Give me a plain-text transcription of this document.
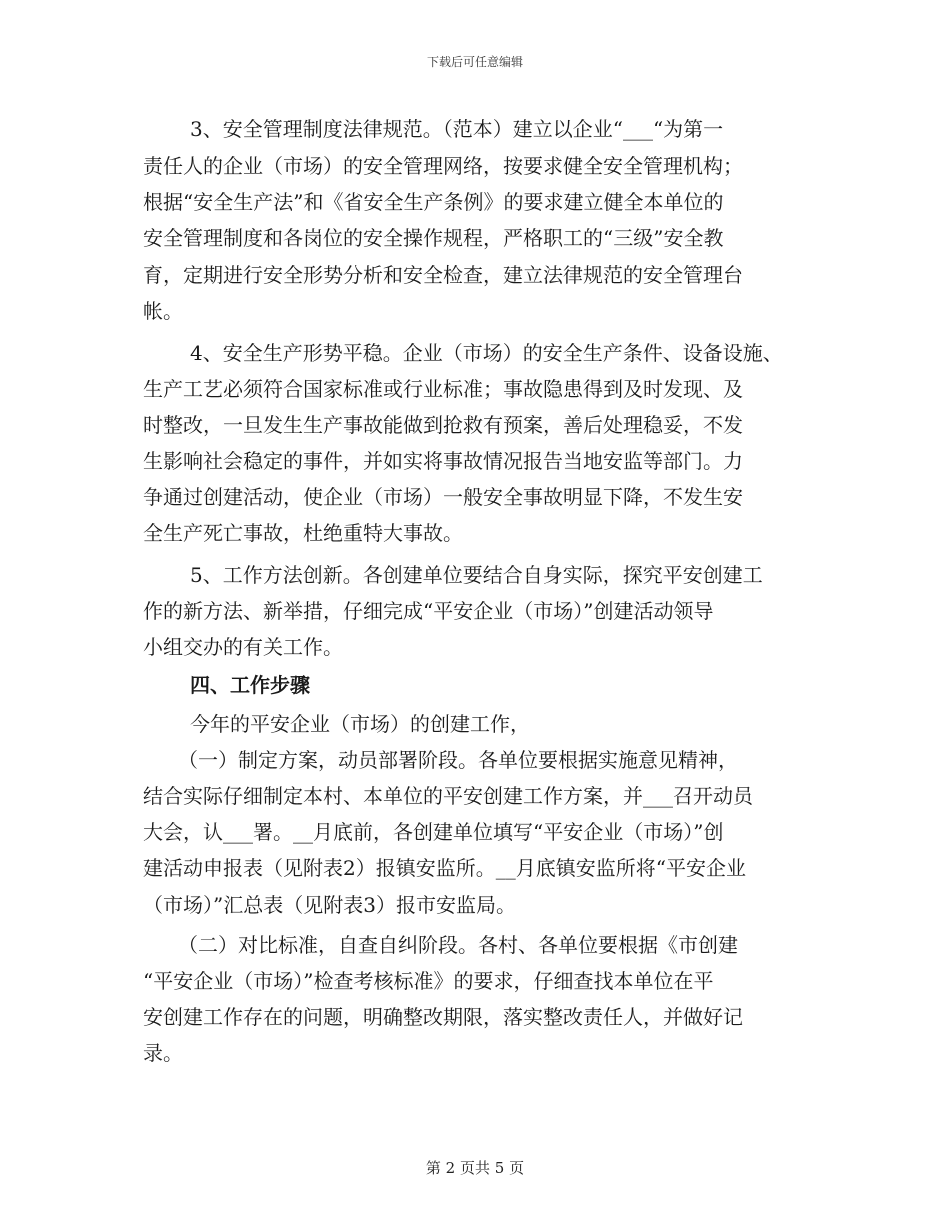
下载后可任意编辑
3、安全管理制度法律规范。（范本）建立以企业“___“为第一
责任人的企业（市场）的安全管理网络，按要求健全安全管理机构；
根据“安全生产法”和《省安全生产条例》的要求建立健全本单位的
安全管理制度和各岗位的安全操作规程，严格职工的“三级”安全教
育，定期进行安全形势分析和安全检查，建立法律规范的安全管理台
帐。
4、安全生产形势平稳。企业（市场）的安全生产条件、设备设施、
生产工艺必须符合国家标准或行业标准；事故隐患得到及时发现、及
时整改，一旦发生生产事故能做到抢救有预案，善后处理稳妥，不发
生影响社会稳定的事件，并如实将事故情况报告当地安监等部门。力
争通过创建活动，使企业（市场）一般安全事故明显下降，不发生安
全生产死亡事故，杜绝重特大事故。
5、工作方法创新。各创建单位要结合自身实际，探究平安创建工
作的新方法、新举措，仔细完成“平安企业（市场）”创建活动领导
小组交办的有关工作。
四、工作步骤
今年的平安企业（市场）的创建工作，
（一）制定方案，动员部署阶段。各单位要根据实施意见精神，
结合实际仔细制定本村、本单位的平安创建工作方案，并___召开动员
大会，认___署。__月底前，各创建单位填写“平安企业（市场）”创
建活动申报表（见附表2）报镇安监所。__月底镇安监所将“平安企业
（市场）”汇总表（见附表3）报市安监局。
（二）对比标准，自查自纠阶段。各村、各单位要根据《市创建
“平安企业（市场）”检查考核标准》的要求，仔细查找本单位在平
安创建工作存在的问题，明确整改期限，落实整改责任人，并做好记
录。
第 2 页共 5 页
